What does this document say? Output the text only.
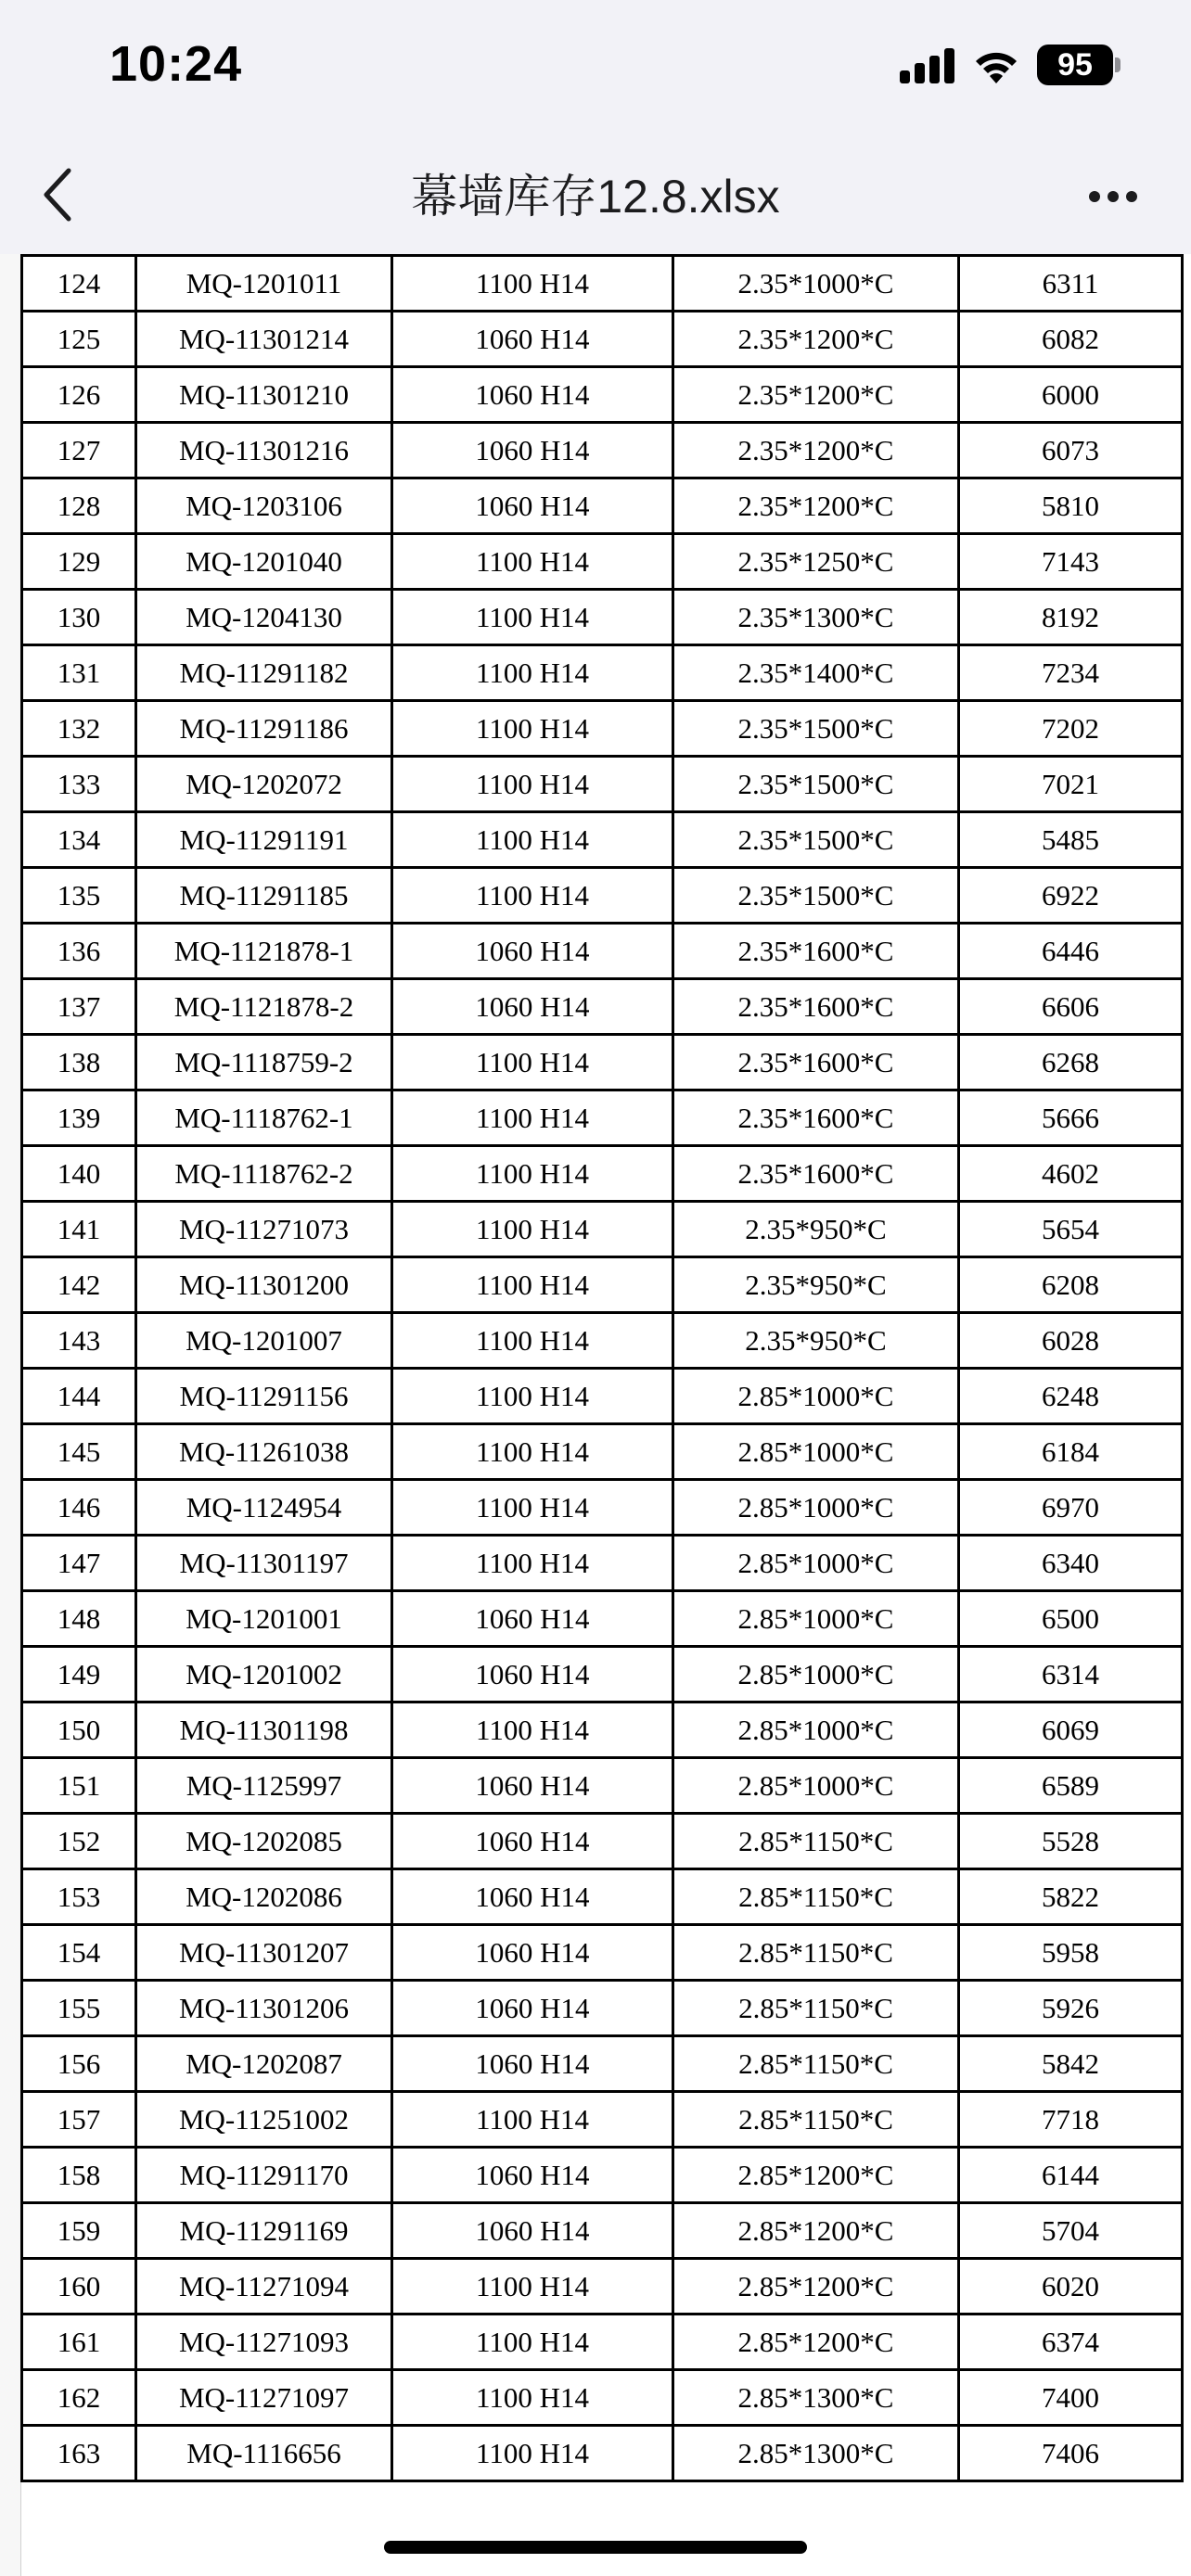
10:24	95
幕墙库存12.8.xlsx
124	MQ-1201011	1100 H14	2.35*1000*C	6311
125	MQ-11301214	1060 H14	2.35*1200*C	6082
126	MQ-11301210	1060 H14	2.35*1200*C	6000
127	MQ-11301216	1060 H14	2.35*1200*C	6073
128	MQ-1203106	1060 H14	2.35*1200*C	5810
129	MQ-1201040	1100 H14	2.35*1250*C	7143
130	MQ-1204130	1100 H14	2.35*1300*C	8192
131	MQ-11291182	1100 H14	2.35*1400*C	7234
132	MQ-11291186	1100 H14	2.35*1500*C	7202
133	MQ-1202072	1100 H14	2.35*1500*C	7021
134	MQ-11291191	1100 H14	2.35*1500*C	5485
135	MQ-11291185	1100 H14	2.35*1500*C	6922
136	MQ-1121878-1	1060 H14	2.35*1600*C	6446
137	MQ-1121878-2	1060 H14	2.35*1600*C	6606
138	MQ-1118759-2	1100 H14	2.35*1600*C	6268
139	MQ-1118762-1	1100 H14	2.35*1600*C	5666
140	MQ-1118762-2	1100 H14	2.35*1600*C	4602
141	MQ-11271073	1100 H14	2.35*950*C	5654
142	MQ-11301200	1100 H14	2.35*950*C	6208
143	MQ-1201007	1100 H14	2.35*950*C	6028
144	MQ-11291156	1100 H14	2.85*1000*C	6248
145	MQ-11261038	1100 H14	2.85*1000*C	6184
146	MQ-1124954	1100 H14	2.85*1000*C	6970
147	MQ-11301197	1100 H14	2.85*1000*C	6340
148	MQ-1201001	1060 H14	2.85*1000*C	6500
149	MQ-1201002	1060 H14	2.85*1000*C	6314
150	MQ-11301198	1100 H14	2.85*1000*C	6069
151	MQ-1125997	1060 H14	2.85*1000*C	6589
152	MQ-1202085	1060 H14	2.85*1150*C	5528
153	MQ-1202086	1060 H14	2.85*1150*C	5822
154	MQ-11301207	1060 H14	2.85*1150*C	5958
155	MQ-11301206	1060 H14	2.85*1150*C	5926
156	MQ-1202087	1060 H14	2.85*1150*C	5842
157	MQ-11251002	1100 H14	2.85*1150*C	7718
158	MQ-11291170	1060 H14	2.85*1200*C	6144
159	MQ-11291169	1060 H14	2.85*1200*C	5704
160	MQ-11271094	1100 H14	2.85*1200*C	6020
161	MQ-11271093	1100 H14	2.85*1200*C	6374
162	MQ-11271097	1100 H14	2.85*1300*C	7400
163	MQ-1116656	1100 H14	2.85*1300*C	7406
